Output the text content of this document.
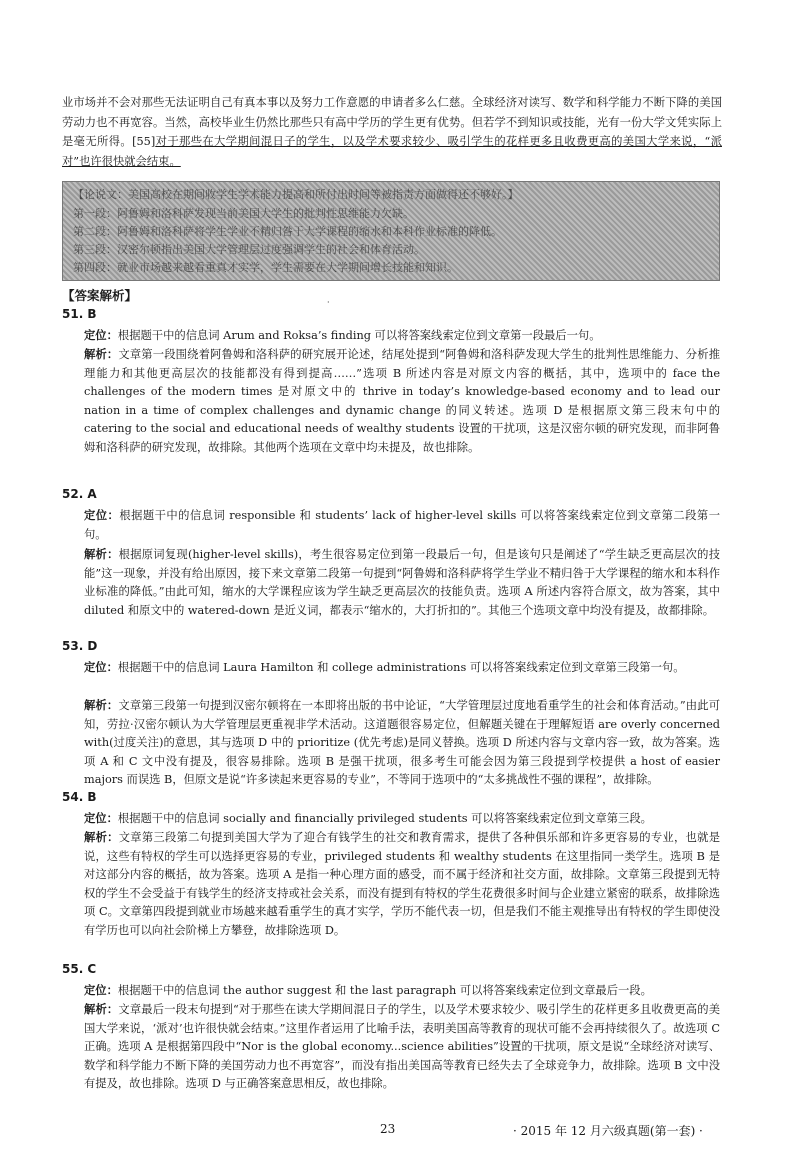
业市场并不会对那些无法证明自己有真本事以及努力工作意愿的申请者多么仁慈。全球经济对读写、数学和科学能力不断下降的美国劳动力也不再宽容。当然，高校毕业生仍然比那些只有高中学历的学生更有优势。但若学不到知识或技能，光有一份大学文凭实际上是毫无所得。[55]对于那些在大学期间混日子的学生，以及学术要求较少、吸引学生的花样更多且收费更高的美国大学来说，“派对”也许很快就会结束。

【论说文：美国高校在期间收学生学术能力提高和所付出时间等被指责方面做得还不够好。】
第一段：阿鲁姆和洛科萨发现当前美国大学生的批判性思维能力欠缺。
第二段：阿鲁姆和洛科萨将学生学业不精归咎于大学课程的缩水和本科作业标准的降低。
第三段：汉密尔顿指出美国大学管理层过度强调学生的社会和体育活动。
第四段：就业市场越来越看重真才实学，学生需要在大学期间增长技能和知识。
【答案解析】	·
51. B

定位：根据题干中的信息词 Arum and Roksa’s finding 可以将答案线索定位到文章第一段最后一句。

解析：文章第一段围绕着阿鲁姆和洛科萨的研究展开论述，结尾处提到“阿鲁姆和洛科萨发现大学生的批判性思维能力、分析推理能力和其他更高层次的技能都没有得到提高……”选项 B 所述内容是对原文内容的概括，其中，选项中的 face the challenges of the modern times 是对原文中的 thrive in today’s knowledge-based economy and to lead our nation in a time of complex challenges and dynamic change 的同义转述。选项 D 是根据原文第三段末句中的 catering to the social and educational needs of wealthy students 设置的干扰项，这是汉密尔顿的研究发现，而非阿鲁姆和洛科萨的研究发现，故排除。其他两个选项在文章中均未提及，故也排除。

52. A

定位：根据题干中的信息词 responsible 和 students’ lack of higher-level skills 可以将答案线索定位到文章第二段第一句。

解析：根据原词复现(higher-level skills)，考生很容易定位到第一段最后一句，但是该句只是阐述了“学生缺乏更高层次的技能”这一现象，并没有给出原因，接下来文章第二段第一句提到“阿鲁姆和洛科萨将学生学业不精归咎于大学课程的缩水和本科作业标准的降低。”由此可知，缩水的大学课程应该为学生缺乏更高层次的技能负责。选项 A 所述内容符合原文，故为答案，其中 diluted 和原文中的 watered-down 是近义词，都表示“缩水的，大打折扣的”。其他三个选项文章中均没有提及，故都排除。

53. D

定位：根据题干中的信息词 Laura Hamilton 和 college administrations 可以将答案线索定位到文章第三段第一句。

解析：文章第三段第一句提到汉密尔顿将在一本即将出版的书中论证，“大学管理层过度地看重学生的社会和体育活动。”由此可知，劳拉·汉密尔顿认为大学管理层更重视非学术活动。这道题很容易定位，但解题关键在于理解短语 are overly concerned with(过度关注)的意思，其与选项 D 中的 prioritize (优先考虑)是同义替换。选项 D 所述内容与文章内容一致，故为答案。选项 A 和 C 文中没有提及，很容易排除。选项 B 是强干扰项，很多考生可能会因为第三段提到学校提供 a host of easier majors 而误选 B，但原文是说“许多读起来更容易的专业”，不等同于选项中的“太多挑战性不强的课程”，故排除。

54. B

定位：根据题干中的信息词 socially and financially privileged students 可以将答案线索定位到文章第三段。

解析：文章第三段第二句提到美国大学为了迎合有钱学生的社交和教育需求，提供了各种俱乐部和许多更容易的专业，也就是说，这些有特权的学生可以选择更容易的专业，privileged students 和 wealthy students 在这里指同一类学生。选项 B 是对这部分内容的概括，故为答案。选项 A 是指一种心理方面的感受，而不属于经济和社交方面，故排除。文章第三段提到无特权的学生不会受益于有钱学生的经济支持或社会关系，而没有提到有特权的学生花费很多时间与企业建立紧密的联系，故排除选项 C。文章第四段提到就业市场越来越看重学生的真才实学，学历不能代表一切，但是我们不能主观推导出有特权的学生即使没有学历也可以向社会阶梯上方攀登，故排除选项 D。

55. C

定位：根据题干中的信息词 the author suggest 和 the last paragraph 可以将答案线索定位到文章最后一段。

解析：文章最后一段末句提到“对于那些在读大学期间混日子的学生，以及学术要求较少、吸引学生的花样更多且收费更高的美国大学来说，‘派对’也许很快就会结束。”这里作者运用了比喻手法，表明美国高等教育的现状可能不会再持续很久了。故选项 C 正确。选项 A 是根据第四段中“Nor is the global economy...science abilities”设置的干扰项，原文是说“全球经济对读写、数学和科学能力不断下降的美国劳动力也不再宽容”，而没有指出美国高等教育已经失去了全球竞争力，故排除。选项 B 文中没有提及，故也排除。选项 D 与正确答案意思相反，故也排除。

23	· 2015 年 12 月六级真题(第一套) ·
